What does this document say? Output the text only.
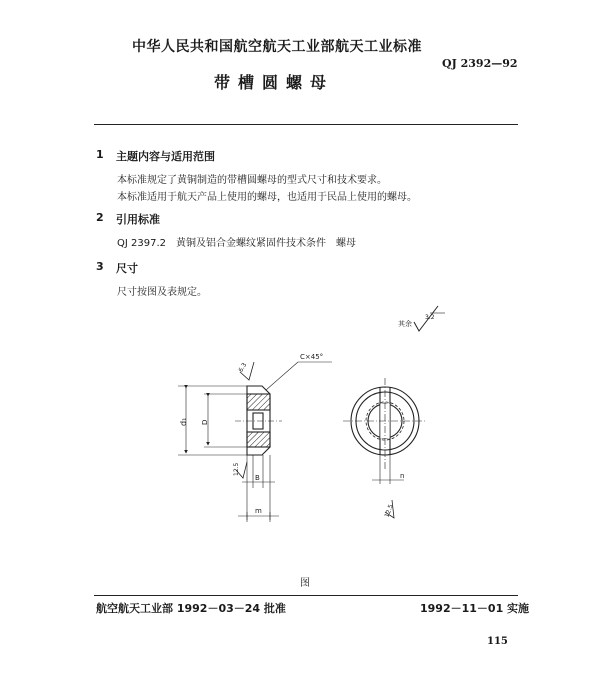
中华人民共和国航空航天工业部航天工业标准
QJ 2392—92
带槽圆螺母
1 主题内容与适用范围
本标准规定了黄铜制造的带槽圆螺母的型式尺寸和技术要求。
本标准适用于航天产品上使用的螺母，也适用于民品上使用的螺母。
2 引用标准
QJ 2397.2　黄铜及铝合金螺纹紧固件技术条件　螺母
3 尺寸
尺寸按图及表规定。
其余
3.2
C×45°
d₁ D
B
m
6.3
12.5	n
12.5
图
航空航天工业部 1992－03－24 批准	1992－11－01 实施
115
